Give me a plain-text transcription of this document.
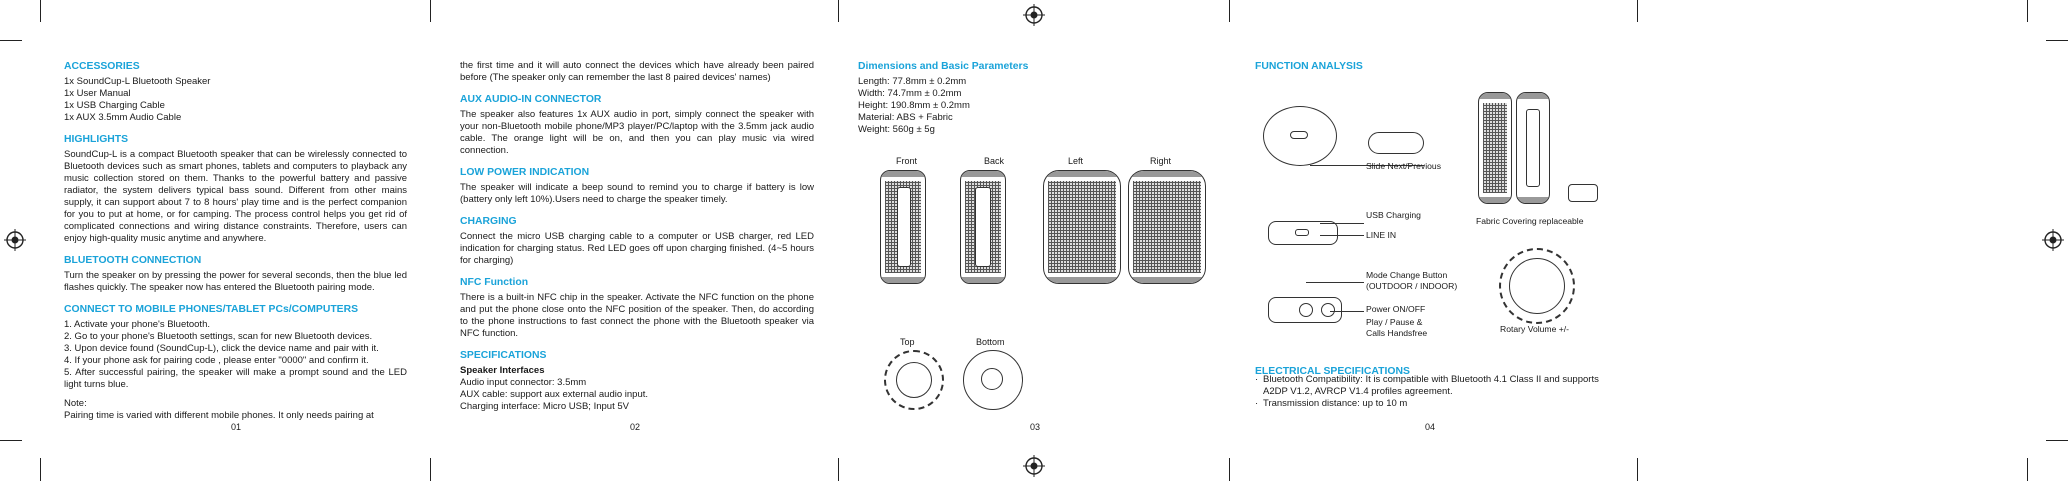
ACCESSORIES
1x SoundCup-L Bluetooth Speaker
1x User Manual
1x USB Charging Cable
1x AUX 3.5mm Audio Cable
HIGHLIGHTS
SoundCup-L is a compact Bluetooth speaker that can be wirelessly connected to Bluetooth devices such as smart phones, tablets and computers to playback any music collection stored on them. Thanks to the powerful battery and passive radiator, the system delivers typical bass sound. Different from other mains supply, it can support about 7 to 8 hours' play time and is the perfect companion for you to put at home, or for camping. The process control helps you get rid of complicated connections and wiring distance constraints. Therefore, users can enjoy high-quality music anytime and anywhere.
BLUETOOTH CONNECTION
Turn the speaker on by pressing the power for several seconds, then the blue led flashes quickly. The speaker now has entered the Bluetooth pairing mode.
CONNECT TO MOBILE PHONES/TABLET PCs/COMPUTERS
1. Activate your phone's Bluetooth.
2. Go to your phone's Bluetooth settings, scan for new Bluetooth devices.
3. Upon device found (SoundCup-L), click the device name and pair with it.
4. If your phone ask for pairing code , please enter "0000" and confirm it.
5. After successful pairing, the speaker will make a prompt sound and the LED light turns blue.
Note:
Pairing time is varied with different mobile phones. It only needs pairing at
01
the first time and it will auto connect the devices which have already been paired before (The speaker only can remember the last 8 paired devices' names)
AUX AUDIO-IN CONNECTOR
The speaker also features 1x AUX audio in port, simply connect the speaker with your non-Bluetooth mobile phone/MP3 player/PC/laptop with the 3.5mm jack audio cable. The orange light will be on, and then you can play music via wired connection.
LOW POWER INDICATION
The speaker will indicate a beep sound to remind you to charge if battery is low (battery only left 10%).Users need to charge the speaker timely.
CHARGING
Connect the micro USB charging cable to a computer or USB charger, red LED indication for charging status. Red LED goes off upon charging finished. (4~5 hours for charging)
NFC Function
There is a built-in NFC chip in the speaker. Activate the NFC function on the phone and put the phone close onto the NFC position of the speaker. Then, do according to the phone instructions to fast connect the phone with the Bluetooth speaker via NFC function.
SPECIFICATIONS
Speaker Interfaces
Audio input connector: 3.5mm
AUX cable: support aux external audio input.
Charging interface: Micro USB; Input 5V
02
Dimensions and Basic Parameters
Length: 77.8mm ± 0.2mm
Width: 74.7mm ± 0.2mm
Height: 190.8mm ± 0.2mm
Material: ABS + Fabric
Weight: 560g ± 5g
Front	Back	Left	Right
Top	Bottom
03
FUNCTION ANALYSIS
Slide Next/Previous
USB Charging
LINE IN
Mode Change Button
(OUTDOOR / INDOOR)
Power ON/OFF
Play / Pause &
Calls Handsfree
Fabric Covering replaceable
Rotary Volume +/-
ELECTRICAL SPECIFICATIONS
· Bluetooth Compatibility: It is compatible with Bluetooth 4.1 Class II and supports A2DP V1.2, AVRCP V1.4 profiles agreement.
· Transmission distance: up to 10 m
04
